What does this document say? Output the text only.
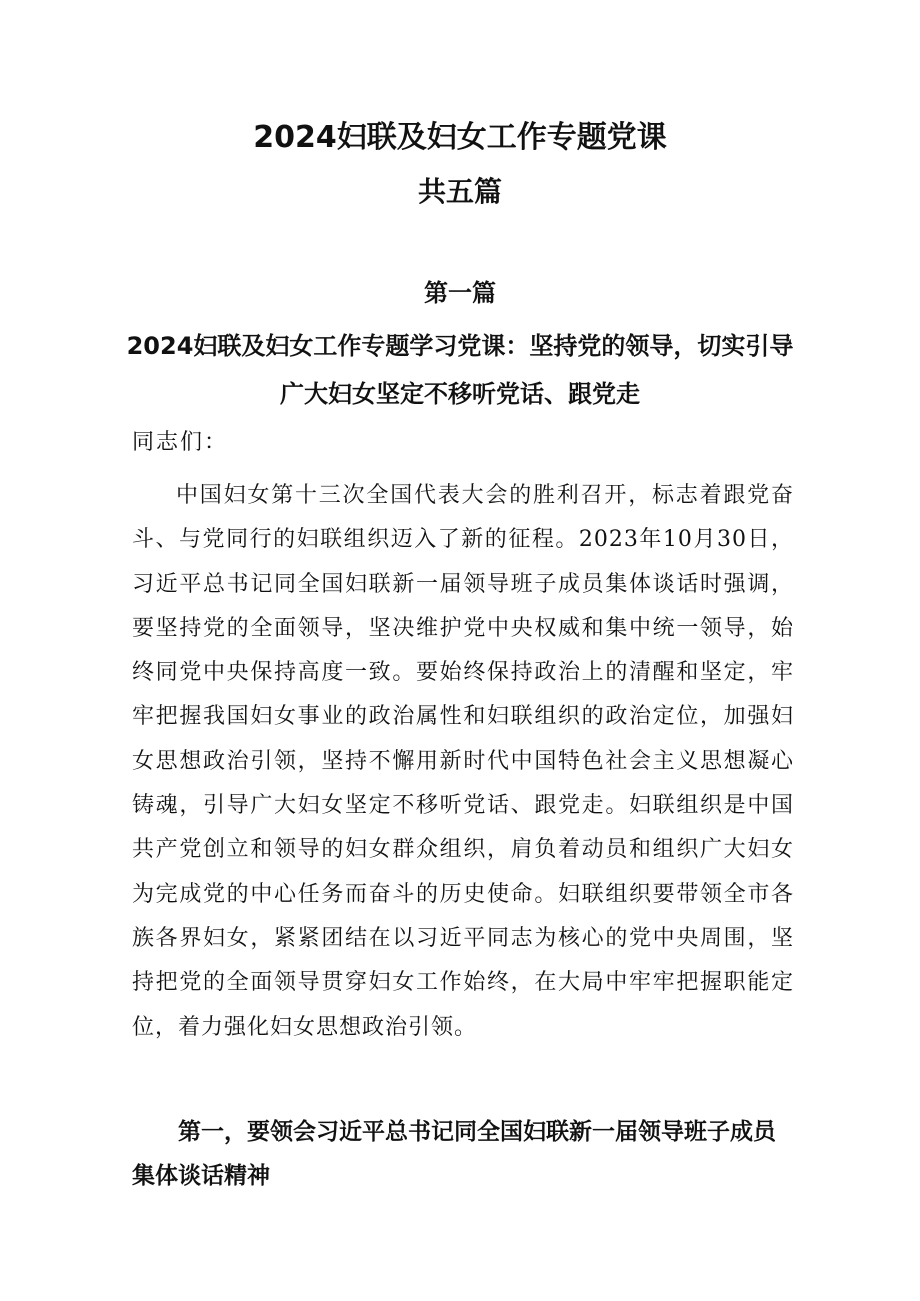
2024妇联及妇女工作专题党课
共五篇
第一篇
2024妇联及妇女工作专题学习党课：坚持党的领导，切实引导广大妇女坚定不移听党话、跟党走
同志们：

中国妇女第十三次全国代表大会的胜利召开，标志着跟党奋斗、与党同行的妇联组织迈入了新的征程。2023年10月30日，习近平总书记同全国妇联新一届领导班子成员集体谈话时强调，要坚持党的全面领导，坚决维护党中央权威和集中统一领导，始终同党中央保持高度一致。要始终保持政治上的清醒和坚定，牢牢把握我国妇女事业的政治属性和妇联组织的政治定位，加强妇女思想政治引领，坚持不懈用新时代中国特色社会主义思想凝心铸魂，引导广大妇女坚定不移听党话、跟党走。妇联组织是中国共产党创立和领导的妇女群众组织，肩负着动员和组织广大妇女为完成党的中心任务而奋斗的历史使命。妇联组织要带领全市各族各界妇女，紧紧团结在以习近平同志为核心的党中央周围，坚持把党的全面领导贯穿妇女工作始终，在大局中牢牢把握职能定位，着力强化妇女思想政治引领。

第一，要领会习近平总书记同全国妇联新一届领导班子成员集体谈话精神
